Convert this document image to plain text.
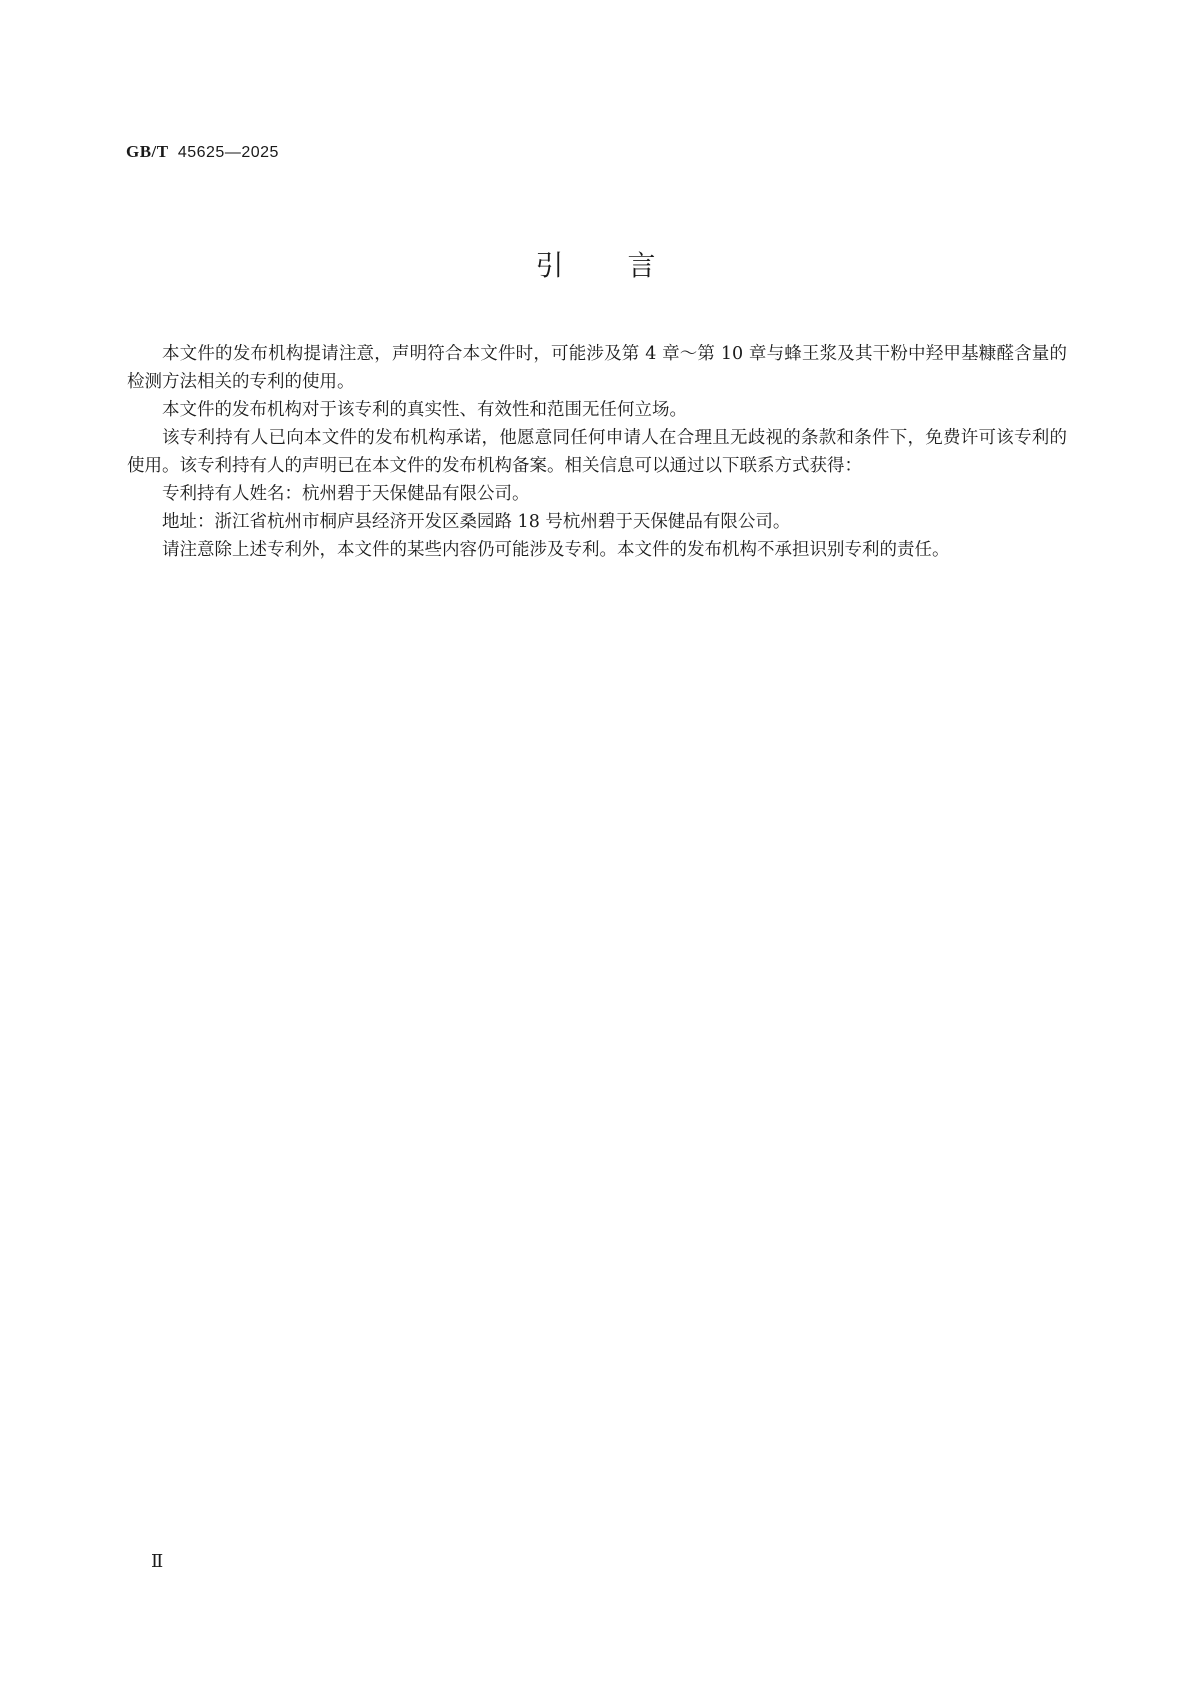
GB/T 45625—2025
引 言

本文件的发布机构提请注意，声明符合本文件时，可能涉及第 4 章～第 10 章与蜂王浆及其干粉中羟甲基糠醛含量的检测方法相关的专利的使用。

本文件的发布机构对于该专利的真实性、有效性和范围无任何立场。

该专利持有人已向本文件的发布机构承诺，他愿意同任何申请人在合理且无歧视的条款和条件下，免费许可该专利的使用。该专利持有人的声明已在本文件的发布机构备案。相关信息可以通过以下联系方式获得：

专利持有人姓名：杭州碧于天保健品有限公司。

地址：浙江省杭州市桐庐县经济开发区桑园路 18 号杭州碧于天保健品有限公司。

请注意除上述专利外，本文件的某些内容仍可能涉及专利。本文件的发布机构不承担识别专利的责任。

Ⅱ
